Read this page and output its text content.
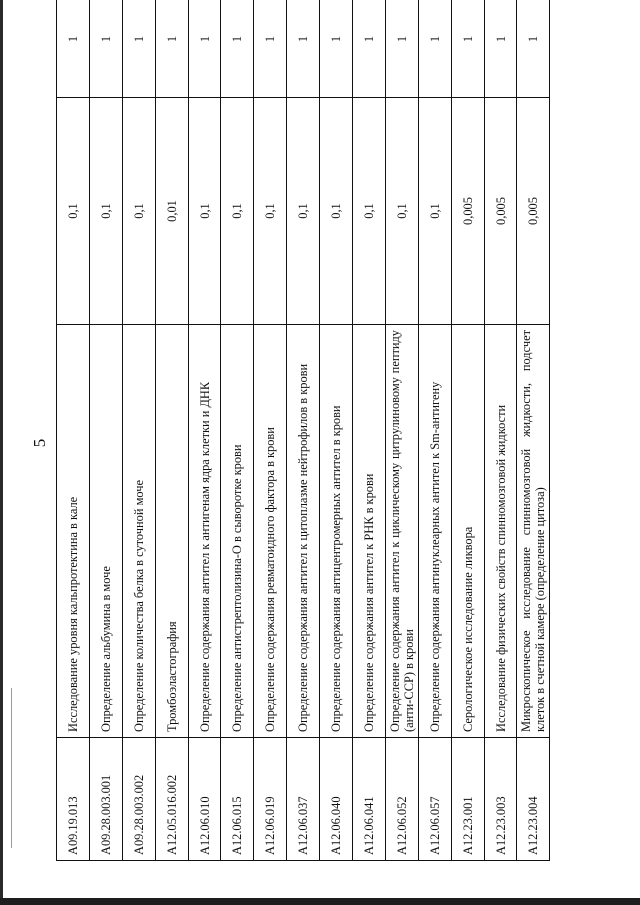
5
A09.19.013	Исследование уровня кальпротектина в кале	0,1	1
A09.28.003.001	Определение альбумина в моче	0,1	1
A09.28.003.002	Определение количества белка в суточной моче	0,1	1
A12.05.016.002	Тромбоэластография	0,01	1
A12.06.010	Определение содержания антител к антигенам ядра клетки и ДНК	0,1	1
A12.06.015	Определение антистрептолизина-О в сыворотке крови	0,1	1
A12.06.019	Определение содержания ревматоидного фактора в крови	0,1	1
A12.06.037	Определение содержания антител к цитоплазме нейтрофилов в крови	0,1	1
A12.06.040	Определение содержания антицентромерных антител в крови	0,1	1
A12.06.041	Определение содержания антител к РНК в крови	0,1	1
A12.06.052	Определение содержания антител к циклическому цитрулиновому пептиду (анти-ССР) в крови	0,1	1
A12.06.057	Определение содержания антинуклеарных антител к Sm-антигену	0,1	1
A12.23.001	Серологическое исследование ликвора	0,005	1
A12.23.003	Исследование физических свойств спинномозговой жидкости	0,005	1
A12.23.004	Микроскопическое исследование спинномозговой жидкости, подсчет клеток в счетной камере (определение цитоза)	0,005	1
